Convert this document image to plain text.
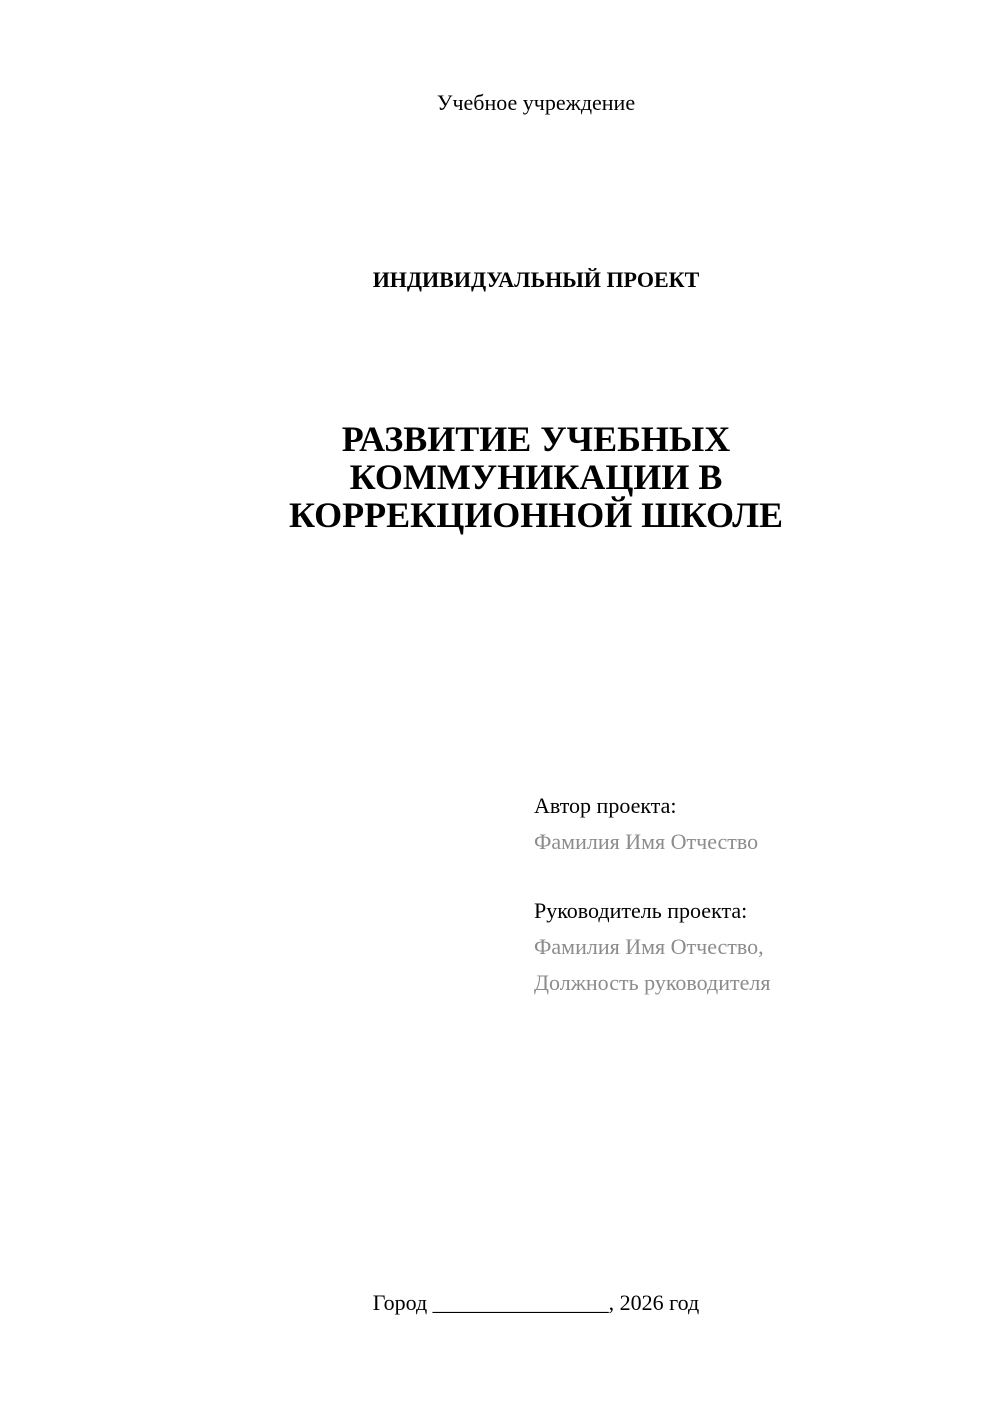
Учебное учреждение
ИНДИВИДУАЛЬНЫЙ ПРОЕКТ
РАЗВИТИЕ УЧЕБНЫХ
КОММУНИКАЦИИ В
КОРРЕКЦИОННОЙ ШКОЛЕ
Автор проекта:
Фамилия Имя Отчество
Руководитель проекта:
Фамилия Имя Отчество,
Должность руководителя
Город ________________, 2026 год
